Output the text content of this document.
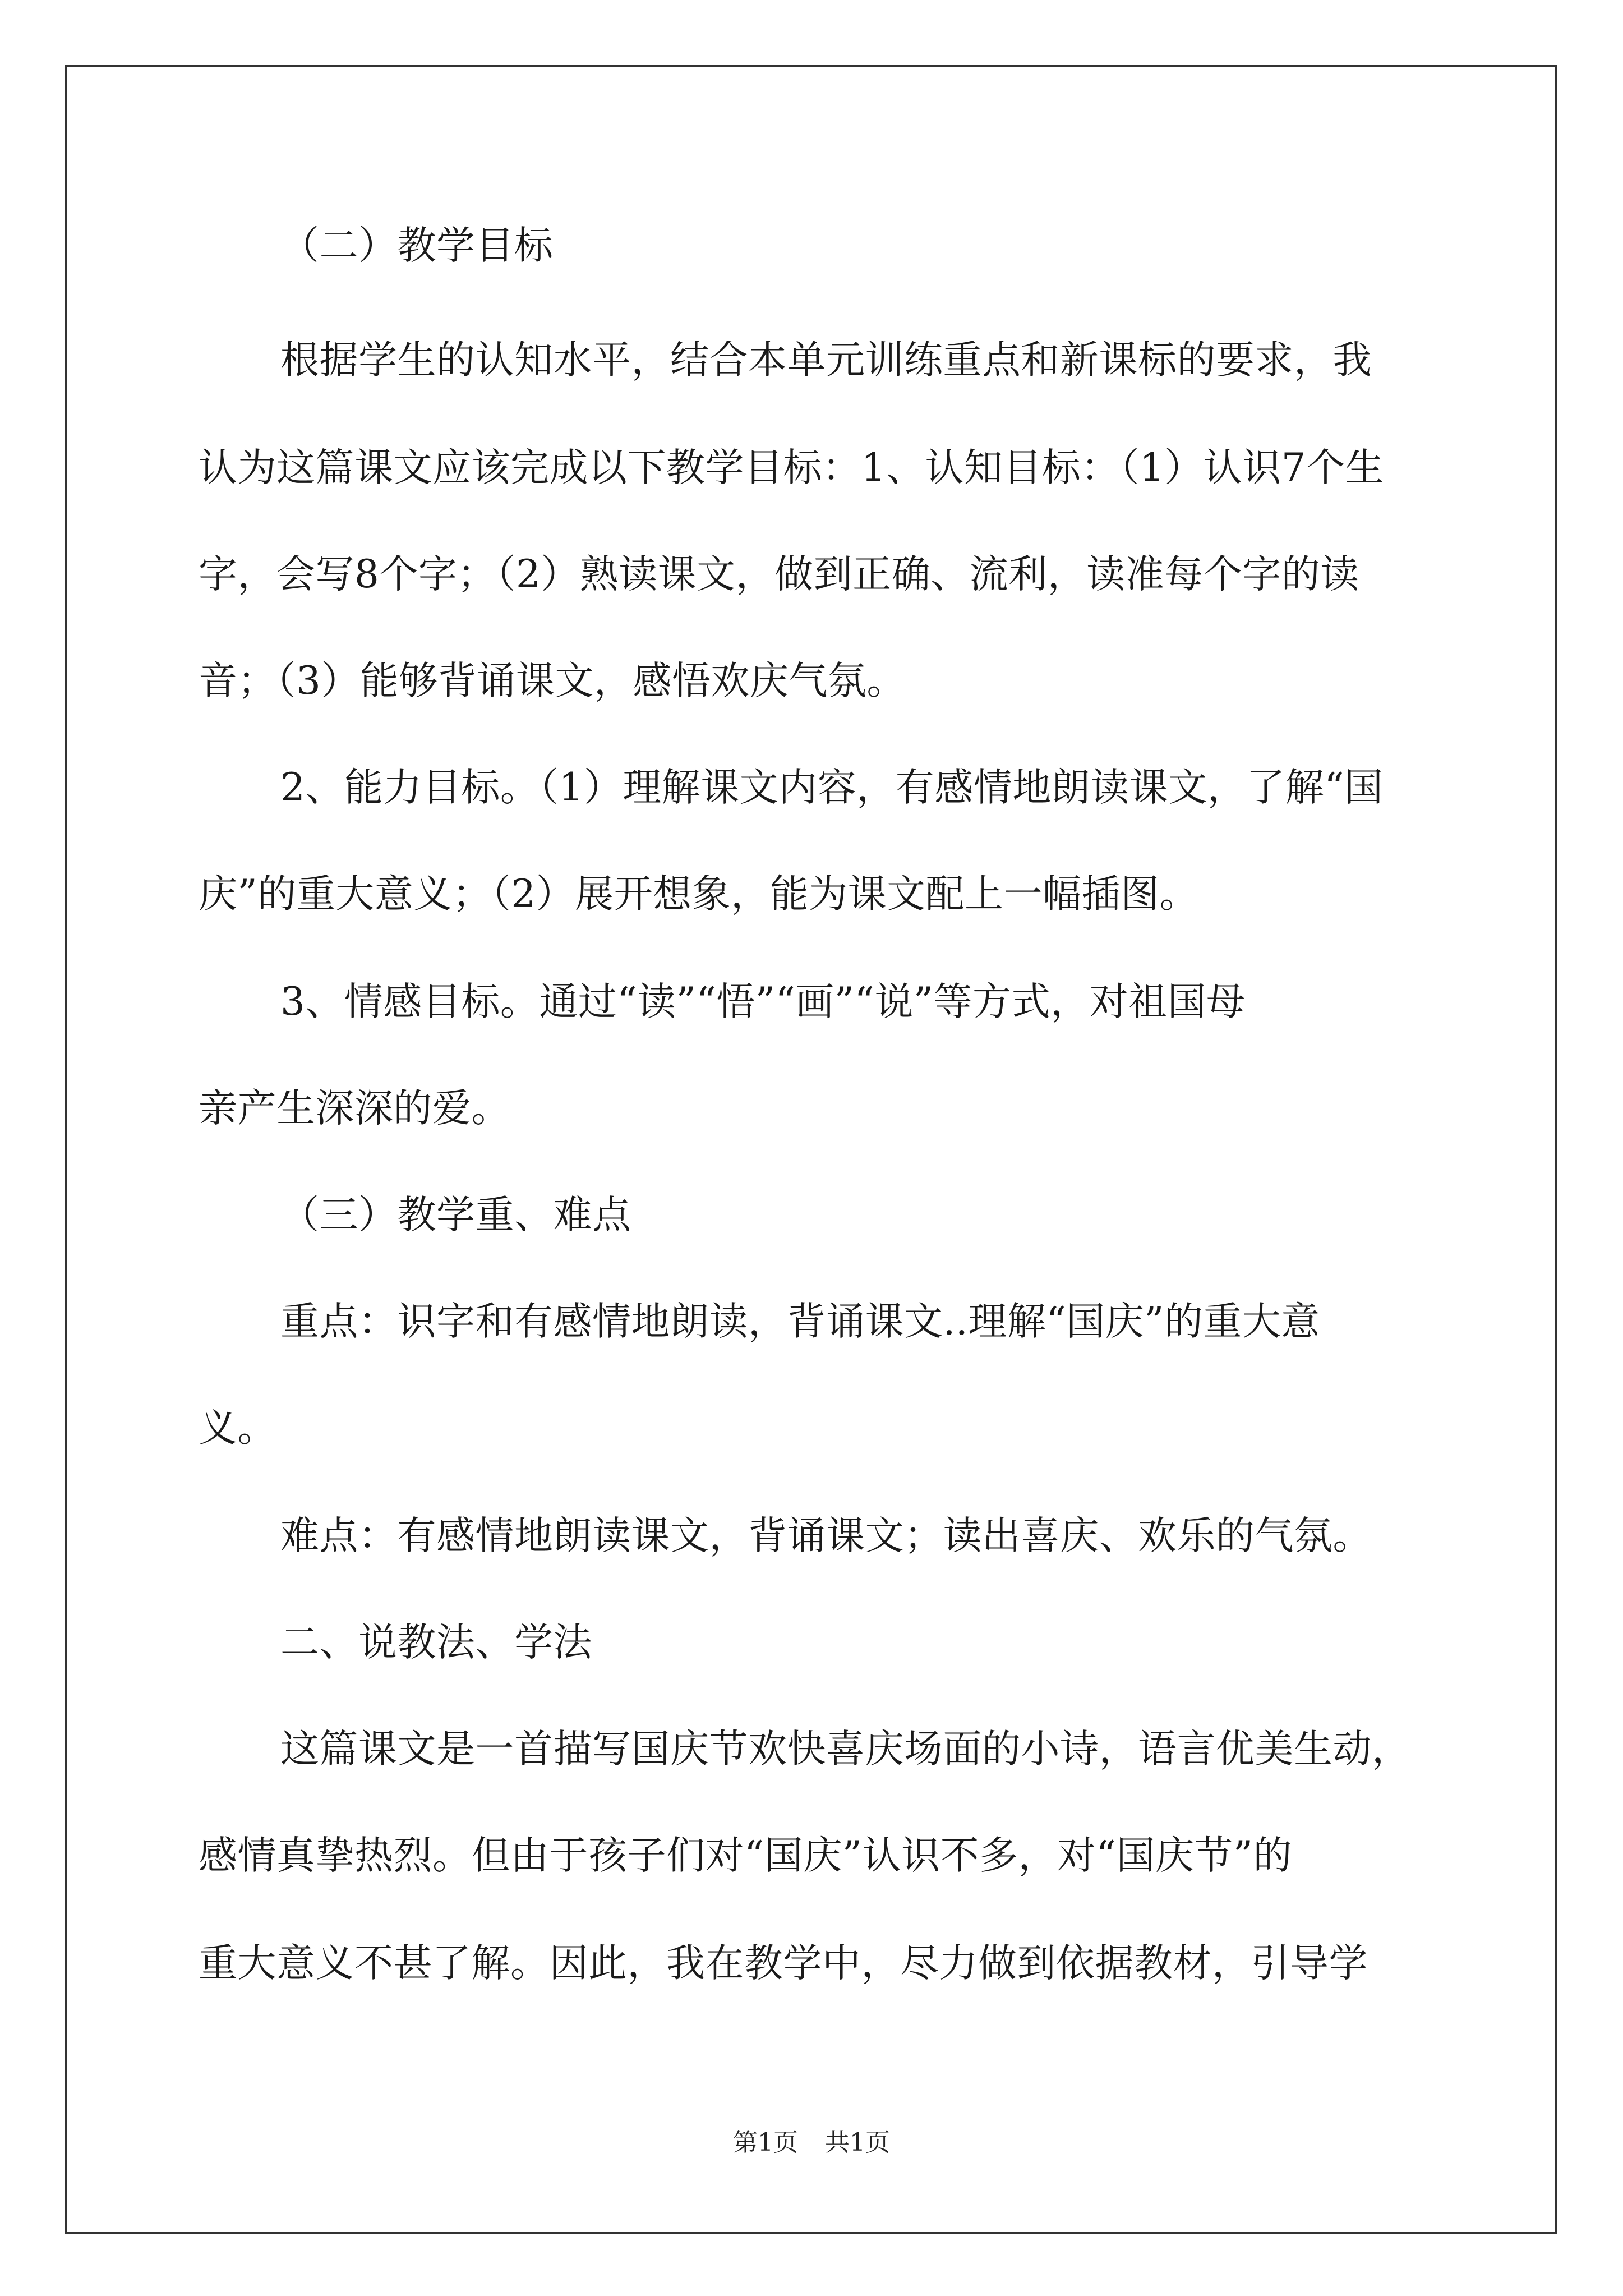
（二）教学目标
根据学生的认知水平，结合本单元训练重点和新课标的要求，我
认为这篇课文应该完成以下教学目标：1、认知目标：（1）认识7个生
字，会写8个字；（2）熟读课文，做到正确、流利，读准每个字的读
音；（3）能够背诵课文，感悟欢庆气氛。
2、能力目标。（1）理解课文内容，有感情地朗读课文，了解“国
庆”的重大意义；（2）展开想象，能为课文配上一幅插图。
3、情感目标。通过“读”“悟”“画”“说”等方式，对祖国母
亲产生深深的爱。
（三）教学重、难点
重点：识字和有感情地朗读，背诵课文..理解“国庆”的重大意
义。
难点：有感情地朗读课文，背诵课文；读出喜庆、欢乐的气氛。
二、说教法、学法
这篇课文是一首描写国庆节欢快喜庆场面的小诗，语言优美生动，
感情真挚热烈。但由于孩子们对“国庆”认识不多，对“国庆节”的
重大意义不甚了解。因此，我在教学中，尽力做到依据教材，引导学
第1页 共1页
